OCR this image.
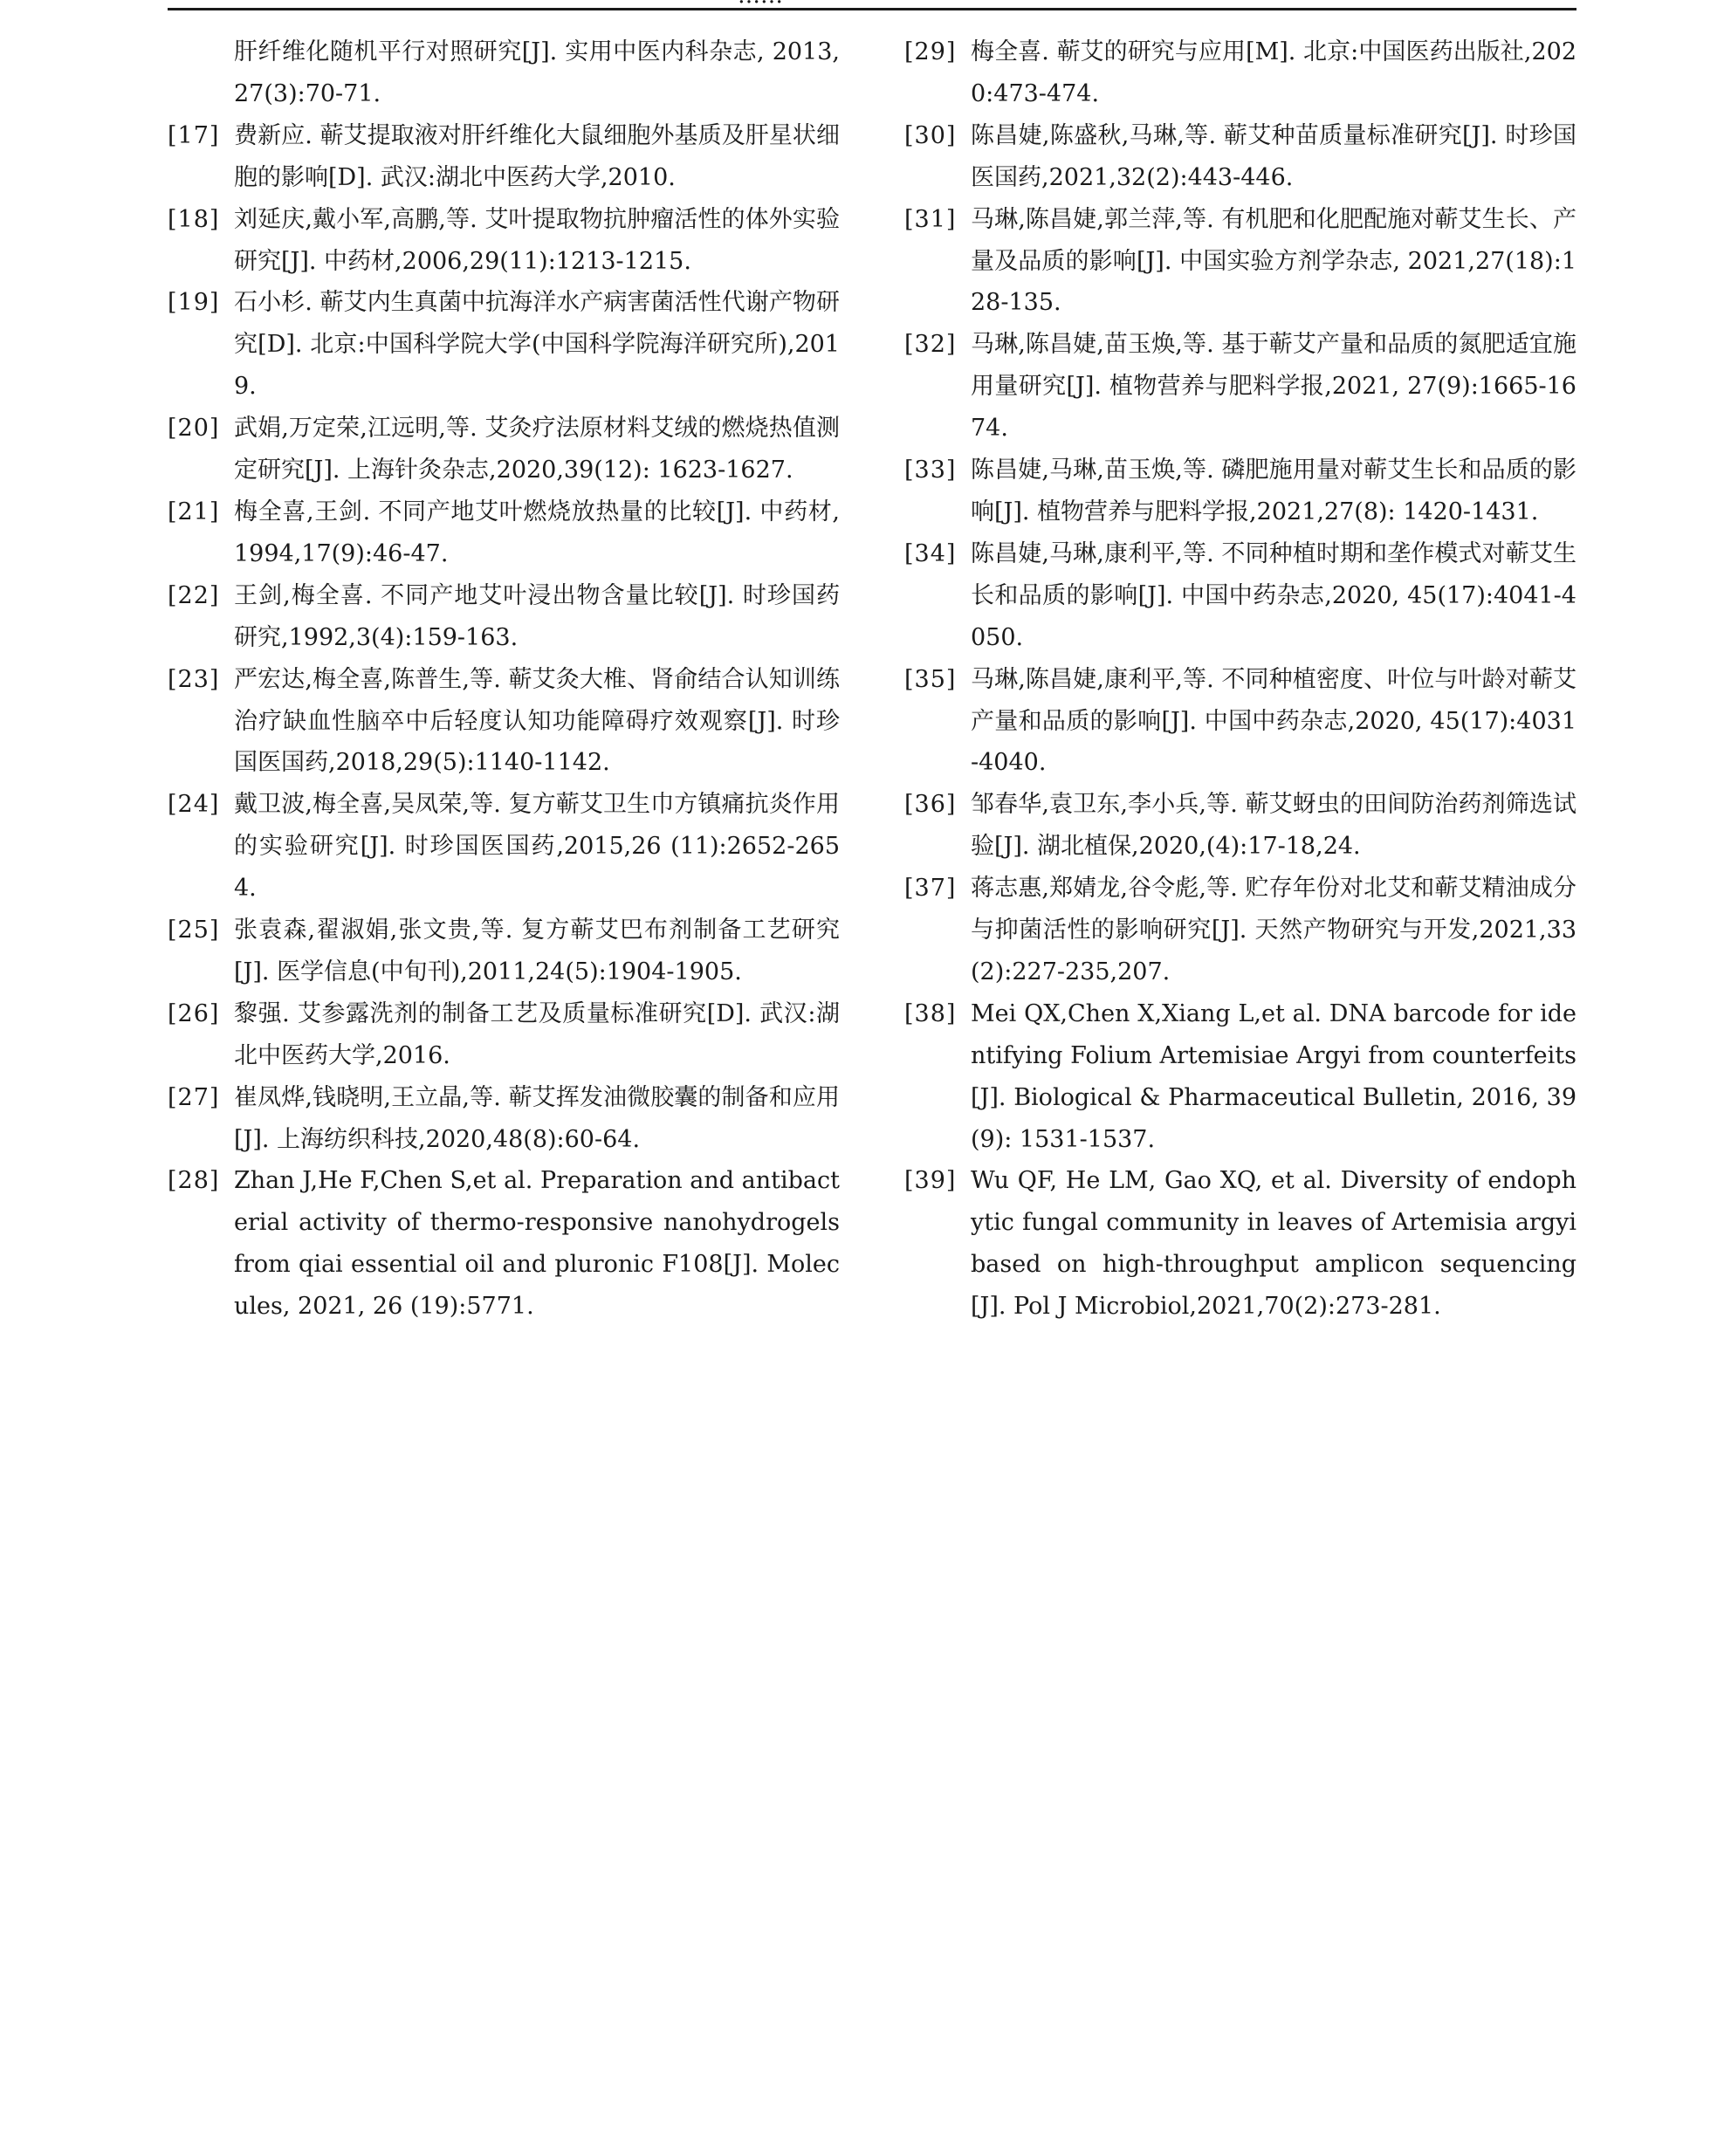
肝纤维化随机平行对照研究[J]. 实用中医内科杂志, 2013,27(3):70-71.
[17] 费新应. 蕲艾提取液对肝纤维化大鼠细胞外基质及肝星状细胞的影响[D]. 武汉:湖北中医药大学,2010.
[18] 刘延庆,戴小军,高鹏,等. 艾叶提取物抗肿瘤活性的体外实验研究[J]. 中药材,2006,29(11):1213-1215.
[19] 石小杉. 蕲艾内生真菌中抗海洋水产病害菌活性代谢产物研究[D]. 北京:中国科学院大学(中国科学院海洋研究所),2019.
[20] 武娟,万定荣,江远明,等. 艾灸疗法原材料艾绒的燃烧热值测定研究[J]. 上海针灸杂志,2020,39(12): 1623-1627.
[21] 梅全喜,王剑. 不同产地艾叶燃烧放热量的比较[J]. 中药材,1994,17(9):46-47.
[22] 王剑,梅全喜. 不同产地艾叶浸出物含量比较[J]. 时珍国药研究,1992,3(4):159-163.
[23] 严宏达,梅全喜,陈普生,等. 蕲艾灸大椎、肾俞结合认知训练治疗缺血性脑卒中后轻度认知功能障碍疗效观察[J]. 时珍国医国药,2018,29(5):1140-1142.
[24] 戴卫波,梅全喜,吴凤荣,等. 复方蕲艾卫生巾方镇痛抗炎作用的实验研究[J]. 时珍国医国药,2015,26 (11):2652-2654.
[25] 张袁森,翟淑娟,张文贵,等. 复方蕲艾巴布剂制备工艺研究[J]. 医学信息(中旬刊),2011,24(5):1904-1905.
[26] 黎强. 艾参露洗剂的制备工艺及质量标准研究[D]. 武汉:湖北中医药大学,2016.
[27] 崔凤烨,钱晓明,王立晶,等. 蕲艾挥发油微胶囊的制备和应用[J]. 上海纺织科技,2020,48(8):60-64.
[28] Zhan J,He F,Chen S,et al. Preparation and antibacterial activity of thermo-responsive nanohydrogels from qiai essential oil and pluronic F108[J]. Molecules, 2021, 26 (19):5771.
[29] 梅全喜. 蕲艾的研究与应用[M]. 北京:中国医药出版社,2020:473-474.
[30] 陈昌婕,陈盛秋,马琳,等. 蕲艾种苗质量标准研究[J]. 时珍国医国药,2021,32(2):443-446.
[31] 马琳,陈昌婕,郭兰萍,等. 有机肥和化肥配施对蕲艾生长、产量及品质的影响[J]. 中国实验方剂学杂志, 2021,27(18):128-135.
[32] 马琳,陈昌婕,苗玉焕,等. 基于蕲艾产量和品质的氮肥适宜施用量研究[J]. 植物营养与肥料学报,2021, 27(9):1665-1674.
[33] 陈昌婕,马琳,苗玉焕,等. 磷肥施用量对蕲艾生长和品质的影响[J]. 植物营养与肥料学报,2021,27(8): 1420-1431.
[34] 陈昌婕,马琳,康利平,等. 不同种植时期和垄作模式对蕲艾生长和品质的影响[J]. 中国中药杂志,2020, 45(17):4041-4050.
[35] 马琳,陈昌婕,康利平,等. 不同种植密度、叶位与叶龄对蕲艾产量和品质的影响[J]. 中国中药杂志,2020, 45(17):4031-4040.
[36] 邹春华,袁卫东,李小兵,等. 蕲艾蚜虫的田间防治药剂筛选试验[J]. 湖北植保,2020,(4):17-18,24.
[37] 蒋志惠,郑婧龙,谷令彪,等. 贮存年份对北艾和蕲艾精油成分与抑菌活性的影响研究[J]. 天然产物研究与开发,2021,33(2):227-235,207.
[38] Mei QX,Chen X,Xiang L,et al. DNA barcode for identifying Folium Artemisiae Argyi from counterfeits[J]. Biological & Pharmaceutical Bulletin, 2016, 39 (9): 1531-1537.
[39] Wu QF, He LM, Gao XQ, et al. Diversity of endophytic fungal community in leaves of Artemisia argyi based on high-throughput amplicon sequencing[J]. Pol J Microbiol,2021,70(2):273-281.
